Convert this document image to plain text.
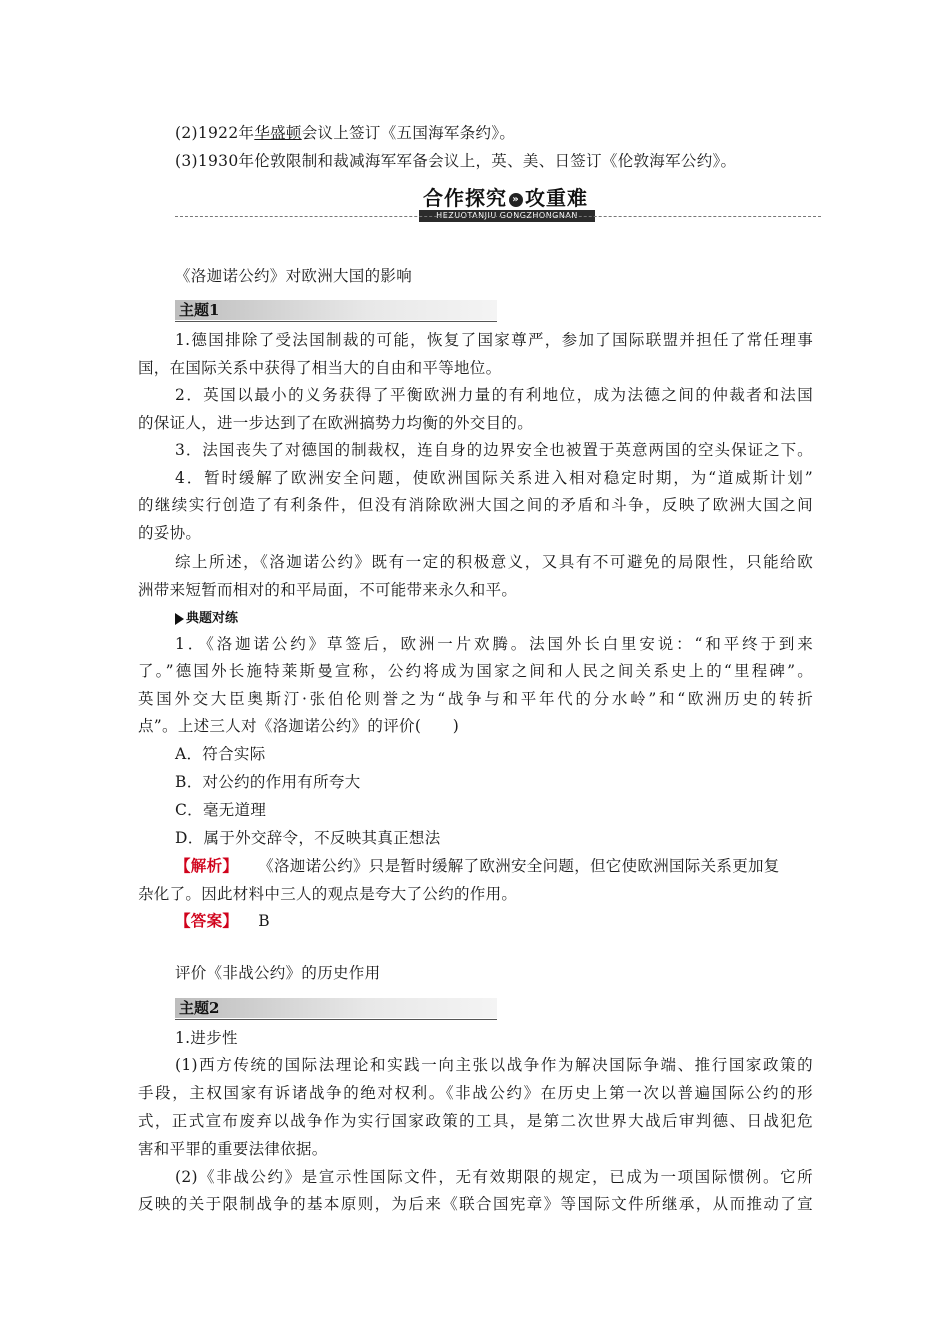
(2)1922年华盛顿会议上签订《五国海军条约》。
(3)1930年伦敦限制和裁减海军军备会议上，英、美、日签订《伦敦海军公约》。
合作探究 » 攻重难
HEZUOTANJIU GONGZHONGNAN
《洛迦诺公约》对欧洲大国的影响
主题1
1.德国排除了受法国制裁的可能，恢复了国家尊严，参加了国际联盟并担任了常任理事
国，在国际关系中获得了相当大的自由和平等地位。
2．英国以最小的义务获得了平衡欧洲力量的有利地位，成为法德之间的仲裁者和法国
的保证人，进一步达到了在欧洲搞势力均衡的外交目的。
3．法国丧失了对德国的制裁权，连自身的边界安全也被置于英意两国的空头保证之下。
4．暂时缓解了欧洲安全问题，使欧洲国际关系进入相对稳定时期，为“道威斯计划”
的继续实行创造了有利条件，但没有消除欧洲大国之间的矛盾和斗争，反映了欧洲大国之间
的妥协。
综上所述，《洛迦诺公约》既有一定的积极意义，又具有不可避免的局限性，只能给欧
洲带来短暂而相对的和平局面，不可能带来永久和平。
典题对练
1．《洛迦诺公约》草签后，欧洲一片欢腾。法国外长白里安说：“和平终于到来
了。”德国外长施特莱斯曼宣称，公约将成为国家之间和人民之间关系史上的“里程碑”。
英国外交大臣奥斯汀·张伯伦则誉之为“战争与和平年代的分水岭”和“欧洲历史的转折
点”。上述三人对《洛迦诺公约》的评价(　　)
A．符合实际
B．对公约的作用有所夸大
C．毫无道理
D．属于外交辞令，不反映其真正想法
【解析】 《洛迦诺公约》只是暂时缓解了欧洲安全问题，但它使欧洲国际关系更加复
杂化了。因此材料中三人的观点是夸大了公约的作用。
【答案】 B
评价《非战公约》的历史作用
主题2
1.进步性
(1)西方传统的国际法理论和实践一向主张以战争作为解决国际争端、推行国家政策的
手段，主权国家有诉诸战争的绝对权利。《非战公约》在历史上第一次以普遍国际公约的形
式，正式宣布废弃以战争作为实行国家政策的工具，是第二次世界大战后审判德、日战犯危
害和平罪的重要法律依据。
(2)《非战公约》是宣示性国际文件，无有效期限的规定，已成为一项国际惯例。它所
反映的关于限制战争的基本原则，为后来《联合国宪章》等国际文件所继承，从而推动了宣
